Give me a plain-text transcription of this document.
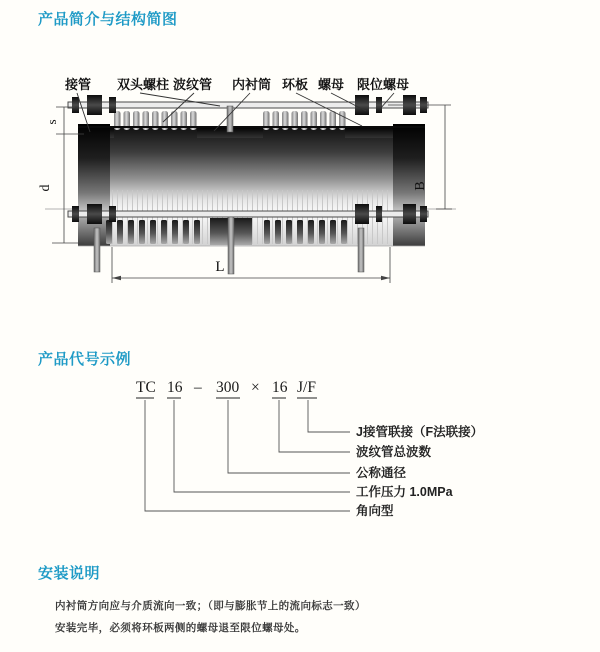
产品简介与结构简图
产品代号示例
安装说明
内衬筒方向应与介质流向一致；（即与膨胀节上的流向标志一致）
安装完毕，必须将环板两侧的螺母退至限位螺母处。
s
d	B
L
接管 双头螺柱 波纹管 内衬筒 环板 螺母 限位螺母
TC 16 – 300 × 16 J/F
J接管联接（F法联接）
波纹管总波数
公称通径
工作压力 1.0MPa
角向型
